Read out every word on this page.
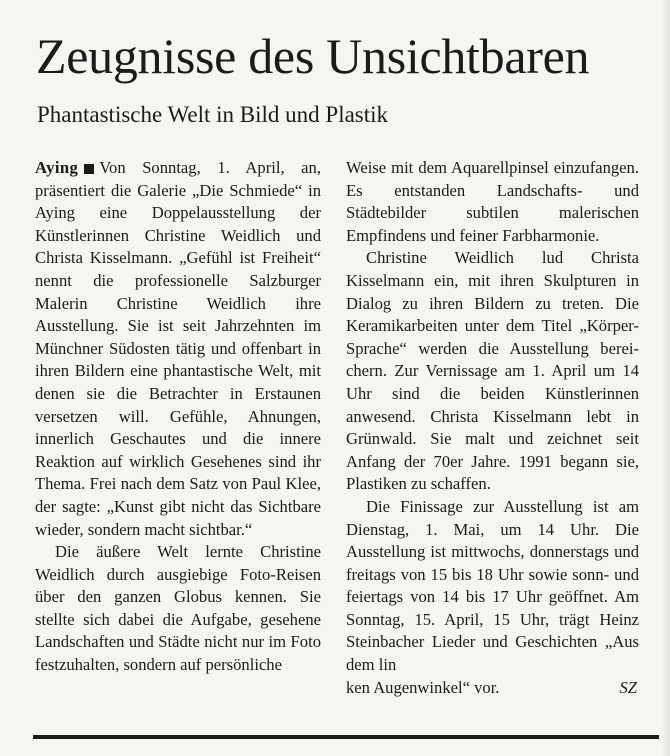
Zeugnisse des Unsichtbaren
Phantastische Welt in Bild und Plastik

Aying Von Sonntag, 1. April, an, präsentiert die Galerie „Die Schmiede“ in Aying eine Doppelausstellung der Künstlerinnen Christine Weidlich und Christa Kisselmann. „Gefühl ist Freiheit“ nennt die professionelle Salzburger Malerin Christine Weidlich ihre Ausstellung. Sie ist seit Jahrzehnten im Münchner Südosten tätig und offenbart in ihren Bildern eine phantastische Welt, mit denen sie die Betrachter in Erstaunen versetzen will. Gefühle, Ahnungen, innerlich Geschautes und die innere Reaktion auf wirklich Gesehenes sind ihr Thema. Frei nach dem Satz von Paul Klee, der sagte: „Kunst gibt nicht das Sichtbare wieder, sondern macht sichtbar.“

Die äußere Welt lernte Christine Weidlich durch ausgiebige Foto-Reisen über den ganzen Globus kennen. Sie stellte sich dabei die Aufgabe, gesehene Landschaften und Städte nicht nur im Foto festzuhalten, sondern auf persönliche

Weise mit dem Aquarellpinsel einzufangen. Es entstanden Landschafts- und Städtebilder subtilen malerischen Empfindens und feiner Farbharmonie.

Christine Weidlich lud Christa Kisselmann ein, mit ihren Skulpturen in Dialog zu ihren Bildern zu treten. Die Keramikarbeiten unter dem Titel „Körper-Sprache“ werden die Ausstellung bereichern. Zur Vernissage am 1. April um 14 Uhr sind die beiden Künstlerinnen anwesend. Christa Kisselmann lebt in Grünwald. Sie malt und zeichnet seit Anfang der 70er Jahre. 1991 begann sie, Plastiken zu schaffen.

Die Finissage zur Ausstellung ist am Dienstag, 1. Mai, um 14 Uhr. Die Ausstellung ist mittwochs, donnerstags und freitags von 15 bis 18 Uhr sowie sonn- und feiertags von 14 bis 17 Uhr geöffnet. Am Sonntag, 15. April, 15 Uhr, trägt Heinz Steinbacher Lieder und Geschichten „Aus dem lin

ken Augenwinkel“ vor.	SZ
